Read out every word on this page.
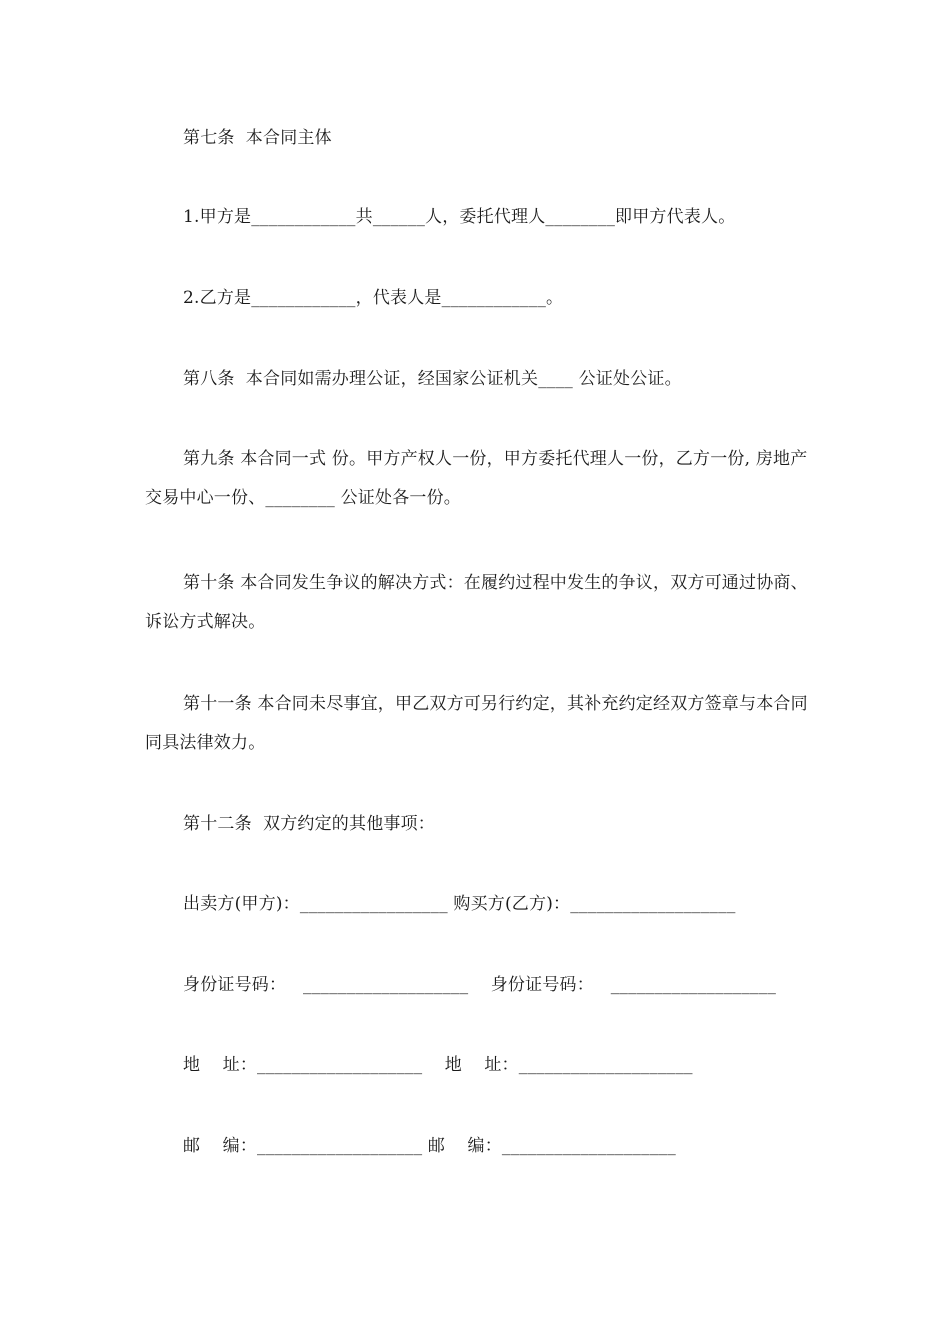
第七条  本合同主体
1.甲方是____________共______人，委托代理人________即甲方代表人。
2.乙方是____________，代表人是____________。
第八条  本合同如需办理公证，经国家公证机关____ 公证处公证。
第九条 本合同一式 份。甲方产权人一份，甲方委托代理人一份，乙方一份, 房地产交易中心一份、________ 公证处各一份。
第十条 本合同发生争议的解决方式：在履约过程中发生的争议，双方可通过协商、诉讼方式解决。
第十一条 本合同未尽事宜，甲乙双方可另行约定，其补充约定经双方签章与本合同同具法律效力。
第十二条  双方约定的其他事项：
出卖方(甲方)：_________________ 购买方(乙方)：___________________
身份证号码：   ___________________    身份证号码：   ___________________
地    址：___________________    地    址：____________________
邮    编：___________________ 邮    编：____________________
